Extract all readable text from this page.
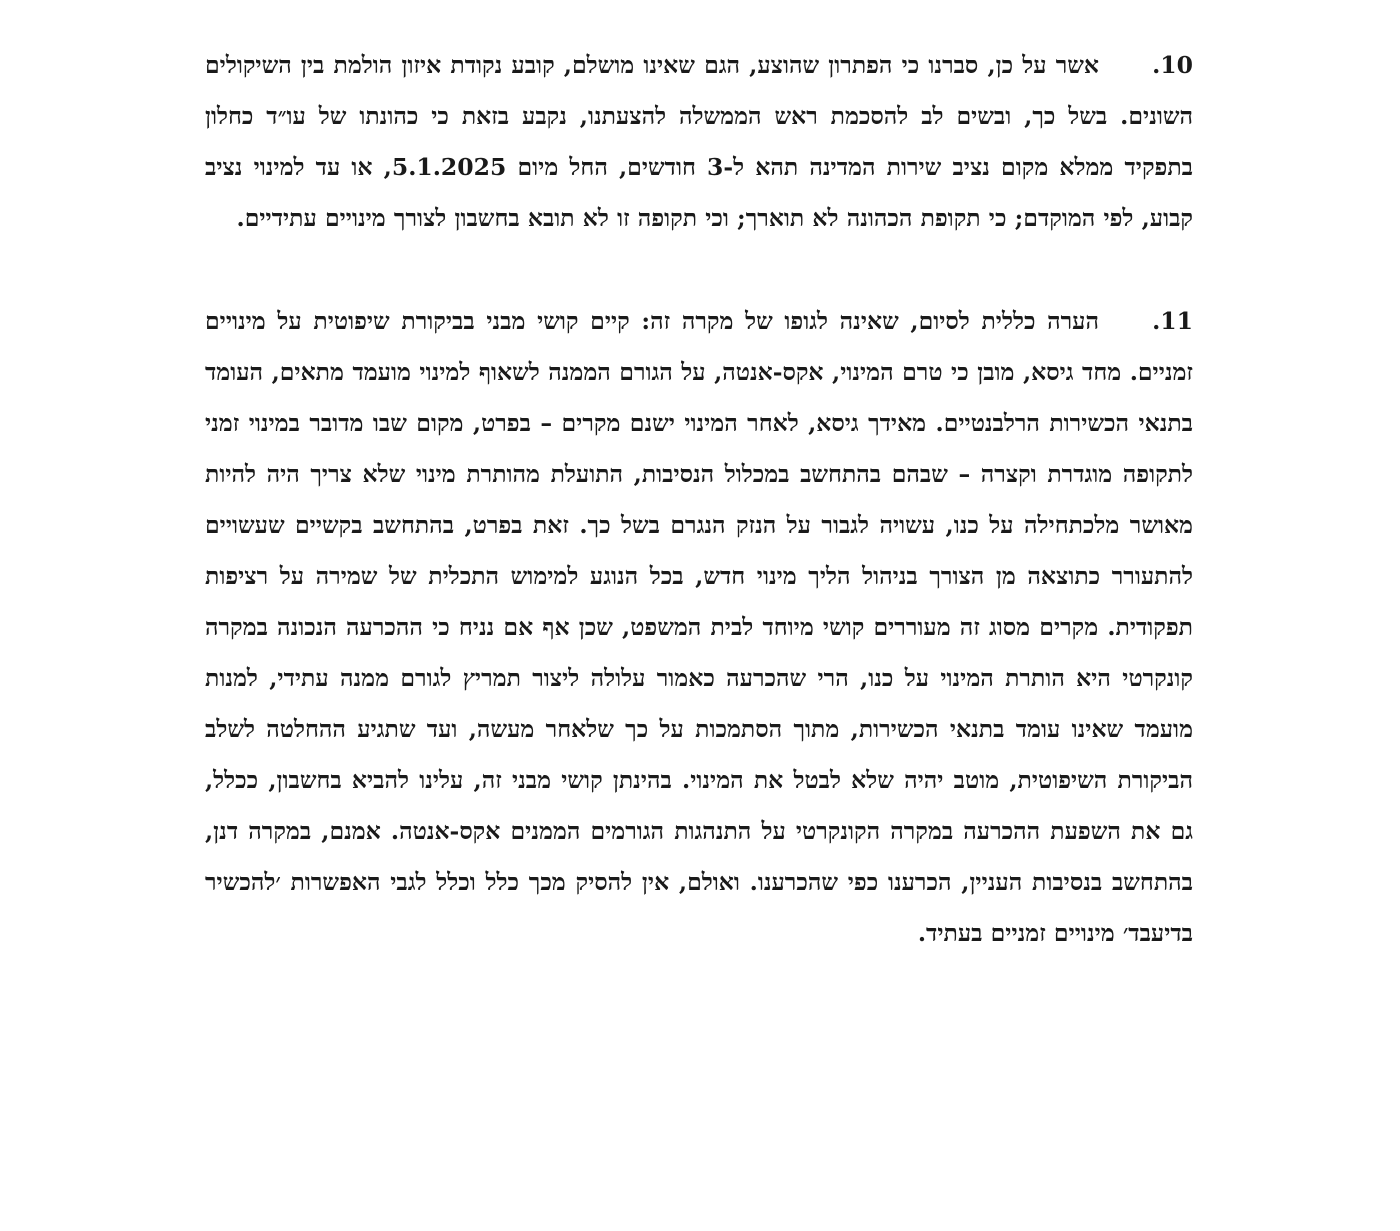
10.אשר על כן, סברנו כי הפתרון שהוצע, הגם שאינו מושלם, קובע נקודת איזון הולמת בין השיקולים השונים. בשל כך, ובשים לב להסכמת ראש הממשלה להצעתנו, נקבע בזאת כי כהונתו של עו״ד כחלון בתפקיד ממלא מקום נציב שירות המדינה תהא ל-3 חודשים, החל מיום 5.1.2025, או עד למינוי נציב קבוע, לפי המוקדם; כי תקופת הכהונה לא תוארך; וכי תקופה זו לא תובא בחשבון לצורך מינויים עתידיים.

11.הערה כללית לסיום, שאינה לגופו של מקרה זה: קיים קושי מבני בביקורת שיפוטית על מינויים זמניים. מחד גיסא, מובן כי טרם המינוי, אקס-אנטה, על הגורם הממנה לשאוף למינוי מועמד מתאים, העומד בתנאי הכשירות הרלבנטיים. מאידך גיסא, לאחר המינוי ישנם מקרים – בפרט, מקום שבו מדובר במינוי זמני לתקופה מוגדרת וקצרה – שבהם בהתחשב במכלול הנסיבות, התועלת מהותרת מינוי שלא צריך היה להיות מאושר מלכתחילה על כנו, עשויה לגבור על הנזק הנגרם בשל כך. זאת בפרט, בהתחשב בקשיים שעשויים להתעורר כתוצאה מן הצורך בניהול הליך מינוי חדש, בכל הנוגע למימוש התכלית של שמירה על רציפות תפקודית. מקרים מסוג זה מעוררים קושי מיוחד לבית המשפט, שכן אף אם נניח כי ההכרעה הנכונה במקרה קונקרטי היא הותרת המינוי על כנו, הרי שהכרעה כאמור עלולה ליצור תמריץ לגורם ממנה עתידי, למנות מועמד שאינו עומד בתנאי הכשירות, מתוך הסתמכות על כך שלאחר מעשה, ועד שתגיע ההחלטה לשלב הביקורת השיפוטית, מוטב יהיה שלא לבטל את המינוי. בהינתן קושי מבני זה, עלינו להביא בחשבון, ככלל, גם את השפעת ההכרעה במקרה הקונקרטי על התנהגות הגורמים הממנים אקס-אנטה. אמנם, במקרה דנן, בהתחשב בנסיבות העניין, הכרענו כפי שהכרענו. ואולם, אין להסיק מכך כלל וכלל לגבי האפשרות ׳להכשיר בדיעבד׳ מינויים זמניים בעתיד.
